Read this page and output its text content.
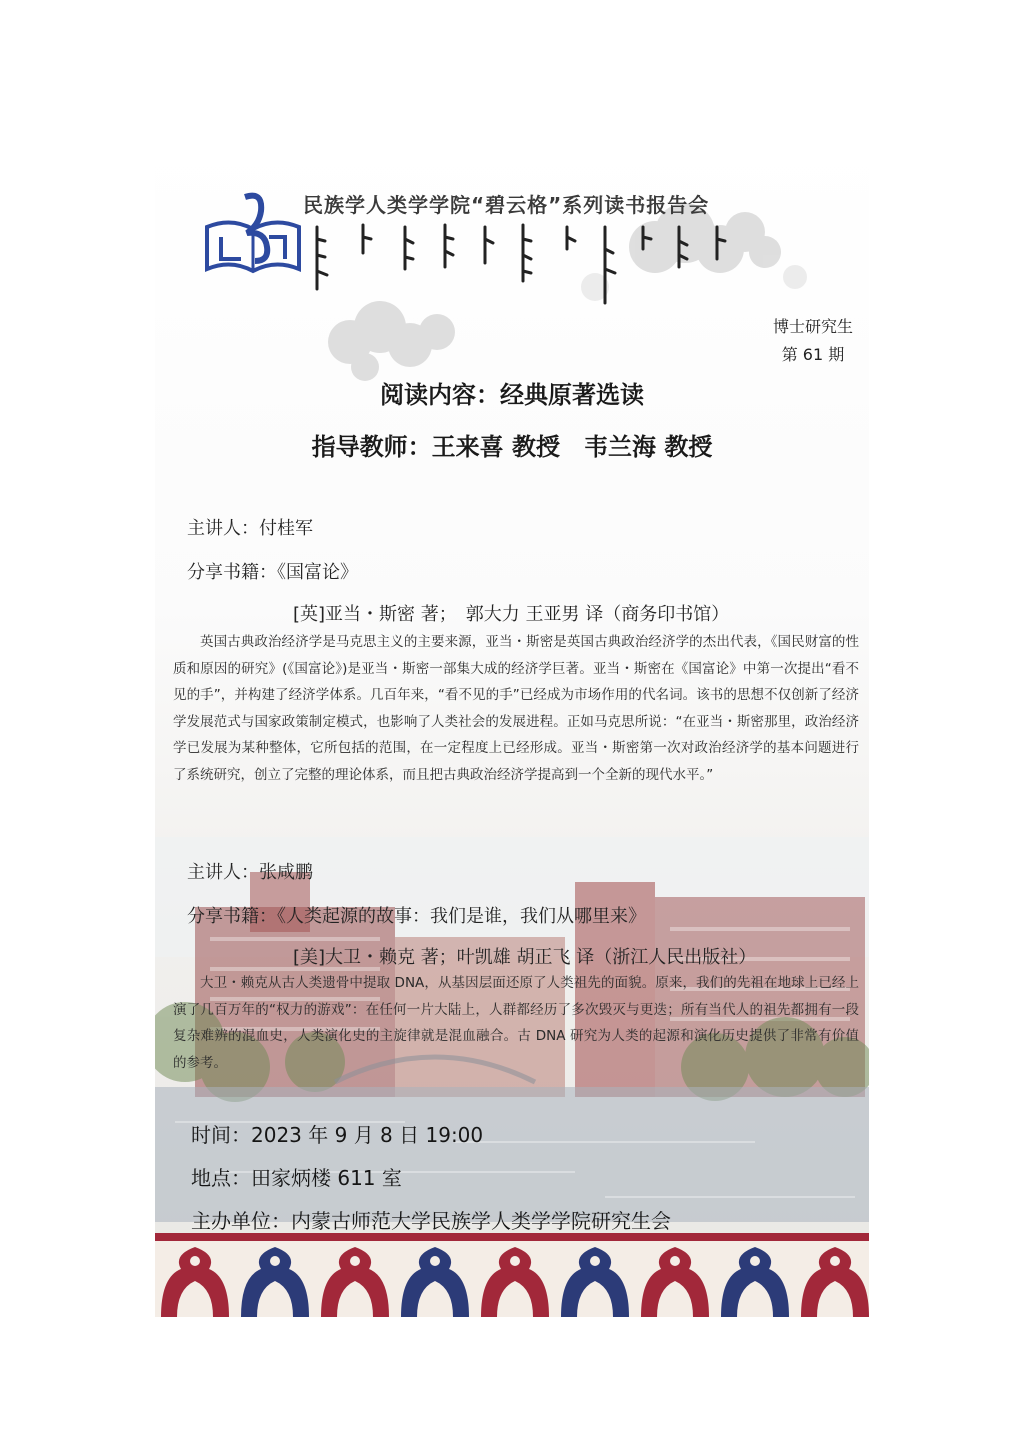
民族学人类学学院“碧云格”系列读书报告会
博士研究生
第 61 期
阅读内容：经典原著选读
指导教师：王来喜 教授　韦兰海 教授
主讲人：付桂军
分享书籍：《国富论》
[英]亚当・斯密 著；　郭大力 王亚男 译（商务印书馆）

英国古典政治经济学是马克思主义的主要来源，亚当・斯密是英国古典政治经济学的杰出代表，《国民财富的性质和原因的研究》(《国富论》)是亚当・斯密一部集大成的经济学巨著。亚当・斯密在《国富论》中第一次提出“看不见的手”，并构建了经济学体系。几百年来，“看不见的手”已经成为市场作用的代名词。该书的思想不仅创新了经济学发展范式与国家政策制定模式，也影响了人类社会的发展进程。正如马克思所说：“在亚当・斯密那里，政治经济学已发展为某种整体，它所包括的范围，在一定程度上已经形成。亚当・斯密第一次对政治经济学的基本问题进行了系统研究，创立了完整的理论体系，而且把古典政治经济学提高到一个全新的现代水平。”

主讲人：张咸鹏
分享书籍：《人类起源的故事：我们是谁，我们从哪里来》
[美]大卫・赖克 著；叶凯雄 胡正飞 译（浙江人民出版社）

大卫・赖克从古人类遗骨中提取 DNA，从基因层面还原了人类祖先的面貌。原来，我们的先祖在地球上已经上演了几百万年的“权力的游戏”：在任何一片大陆上，人群都经历了多次毁灭与更迭；所有当代人的祖先都拥有一段复杂难辨的混血史，人类演化史的主旋律就是混血融合。古 DNA 研究为人类的起源和演化历史提供了非常有价值的参考。

时间：2023 年 9 月 8 日 19:00
地点：田家炳楼 611 室
主办单位：内蒙古师范大学民族学人类学学院研究生会
